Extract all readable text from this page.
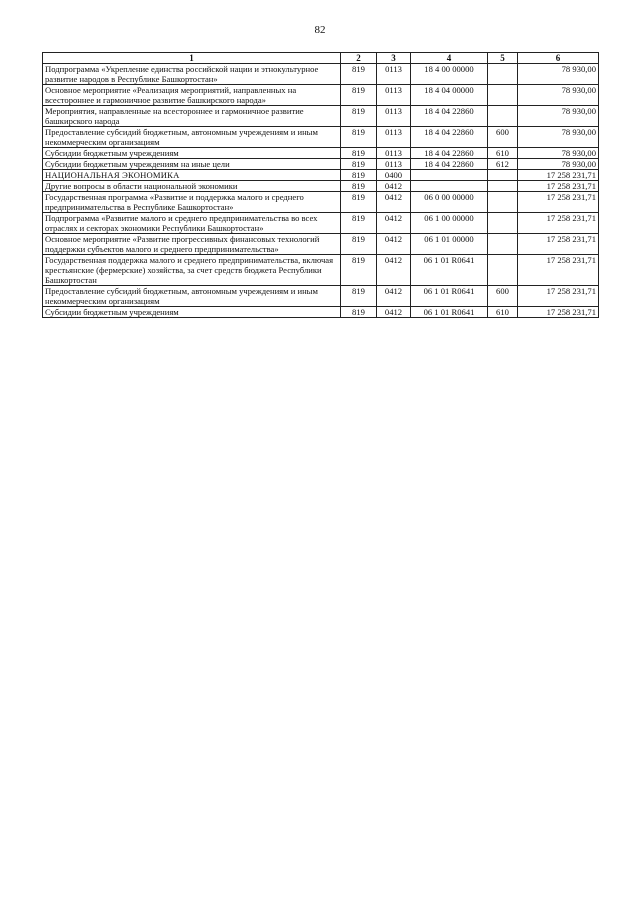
82
1	2	3	4	5	6
Подпрограмма «Укрепление единства российской нации и этнокультурное развитие народов в Республике Башкортостан»	819	0113	18 4 00 00000		78 930,00
Основное мероприятие «Реализация мероприятий, направленных на всестороннее и гармоничное развитие башкирского народа»	819	0113	18 4 04 00000		78 930,00
Мероприятия, направленные на всестороннее и гармоничное развитие башкирского народа	819	0113	18 4 04 22860		78 930,00
Предоставление субсидий бюджетным, автономным учреждениям и иным некоммерческим организациям	819	0113	18 4 04 22860	600	78 930,00
Субсидии бюджетным учреждениям	819	0113	18 4 04 22860	610	78 930,00
Субсидии бюджетным учреждениям на иные цели	819	0113	18 4 04 22860	612	78 930,00
НАЦИОНАЛЬНАЯ ЭКОНОМИКА	819	0400			17 258 231,71
Другие вопросы в области национальной экономики	819	0412			17 258 231,71
Государственная программа «Развитие и поддержка малого и среднего предпринимательства в Республике Башкортостан»	819	0412	06 0 00 00000		17 258 231,71
Подпрограмма «Развитие малого и среднего предпринимательства во всех отраслях и секторах экономики Республики Башкортостан»	819	0412	06 1 00 00000		17 258 231,71
Основное мероприятие «Развитие прогрессивных финансовых технологий поддержки субъектов малого и среднего предпринимательства»	819	0412	06 1 01 00000		17 258 231,71
Государственная поддержка малого и среднего предпринимательства, включая крестьянские (фермерские) хозяйства, за счет средств бюджета Республики Башкортостан	819	0412	06 1 01 R0641		17 258 231,71
Предоставление субсидий бюджетным, автономным учреждениям и иным некоммерческим организациям	819	0412	06 1 01 R0641	600	17 258 231,71
Субсидии бюджетным учреждениям	819	0412	06 1 01 R0641	610	17 258 231,71
